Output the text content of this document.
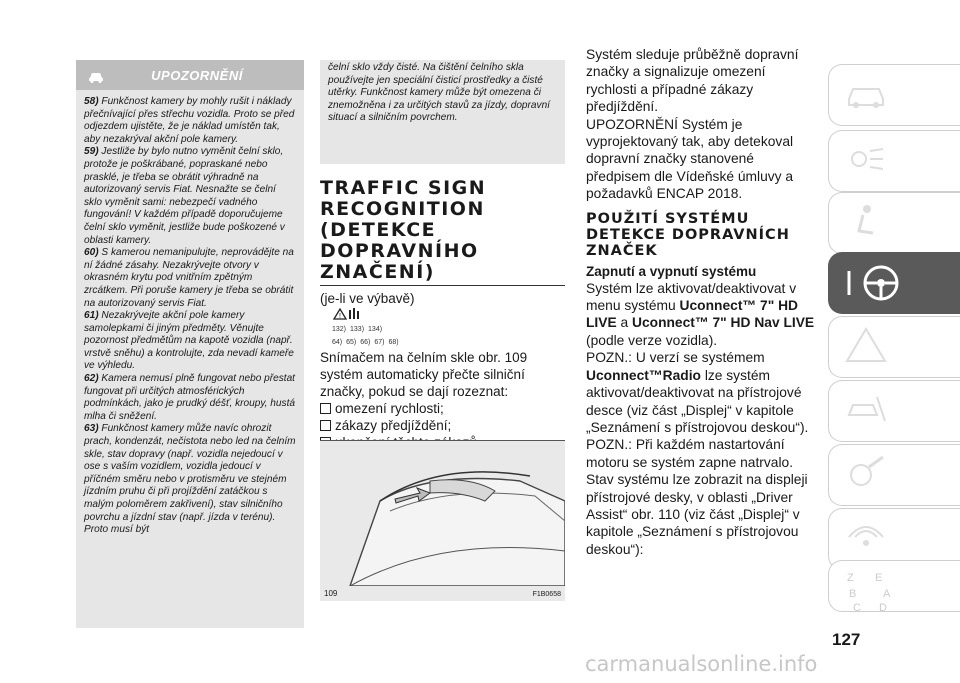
UPOZORNĚNÍ

58) Funkčnost kamery by mohly rušit i náklady přečnívající přes střechu vozidla. Proto se před odjezdem ujistěte, že je náklad umístěn tak, aby nezakrýval akční pole kamery.

59) Jestliže by bylo nutno vyměnit čelní sklo, protože je poškrábané, popraskané nebo prasklé, je třeba se obrátit výhradně na autorizovaný servis Fiat. Nesnažte se čelní sklo vyměnit sami: nebezpečí vadného fungování! V každém případě doporučujeme čelní sklo vyměnit, jestliže bude poškozené v oblasti kamery.

60) S kamerou nemanipulujte, neprovádějte na ní žádné zásahy. Nezakrývejte otvory v okrasném krytu pod vnitřním zpětným zrcátkem. Při poruše kamery je třeba se obrátit na autorizovaný servis Fiat.

61) Nezakrývejte akční pole kamery samolepkami či jiným předměty. Věnujte pozornost předmětům na kapotě vozidla (např. vrstvě sněhu) a kontrolujte, zda nevadí kameře ve výhledu.

62) Kamera nemusí plně fungovat nebo přestat fungovat při určitých atmosférických podmínkách, jako je prudký déšť, kroupy, hustá mlha či sněžení.

63) Funkčnost kamery může navíc ohrozit prach, kondenzát, nečistota nebo led na čelním skle, stav dopravy (např. vozidla nejedoucí v ose s vaším vozidlem, vozidla jedoucí v příčném směru nebo v protisměru ve stejném jízdním pruhu či při projíždění zatáčkou s malým poloměrem zakřivení), stav silničního povrchu a jízdní stav (např. jízda v terénu). Proto musí být

čelní sklo vždy čisté. Na čištění čelního skla používejte jen speciální čisticí prostředky a čisté utěrky. Funkčnost kamery může být omezena či znemožněna i za určitých stavů za jízdy, dopravní situací a silničním povrchem.
TRAFFIC SIGN
RECOGNITION
(DETEKCE
DOPRAVNÍHO
ZNAČENÍ)
(je-li ve výbavě)
!
132) 133) 134)
64) 65) 66) 67) 68)
Snímačem na čelním skle obr. 109 systém automaticky přečte silniční značky, pokud se dají rozeznat:
omezení rychlosti;
zákazy předjíždění;
109	F1B0658
Systém sleduje průběžně dopravní značky a signalizuje omezení rychlosti a případné zákazy předjíždění.
UPOZORNĚNÍ Systém je vyprojektovaný tak, aby detekoval dopravní značky stanovené předpisem dle Vídeňské úmluvy a požadavků ENCAP 2018.
POUŽITÍ SYSTÉMU DETEKCE DOPRAVNÍCH ZNAČEK
Zapnutí a vypnutí systému
Systém lze aktivovat/deaktivovat v menu systému Uconnect™ 7" HD LIVE a Uconnect™ 7" HD Nav LIVE (podle verze vozidla).
POZN.: U verzí se systémem Uconnect™Radio lze systém aktivovat/deaktivovat na přístrojové desce (viz část „Displej“ v kapitole „Seznámení s přístrojovou deskou“).
POZN.: Při každém nastartování motoru se systém zapne natrvalo.
Stav systému lze zobrazit na displeji přístrojové desky, v oblasti „Driver Assist“ obr. 110 (viz část „Displej“ v kapitole „Seznámení s přístrojovou deskou“):
Z E
B A
C D
127
carmanualsonline.info
